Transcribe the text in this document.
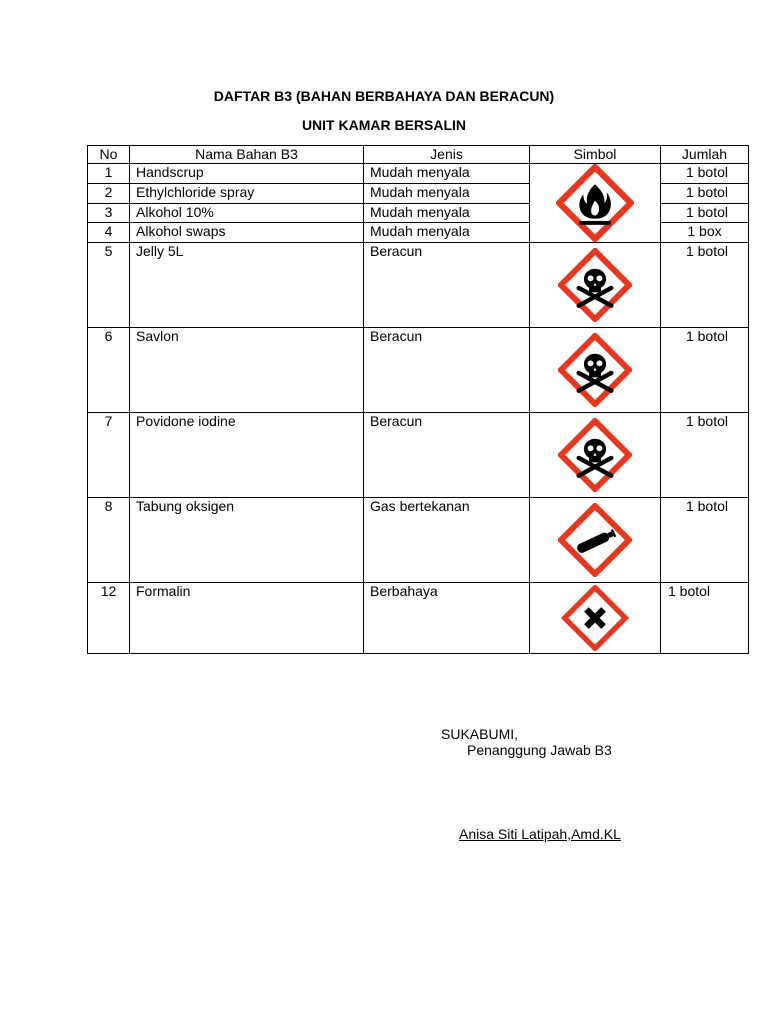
DAFTAR B3 (BAHAN BERBAHAYA DAN BERACUN)
UNIT KAMAR BERSALIN
No	Nama Bahan B3	Jenis	Simbol	Jumlah
1	Handscrup	Mudah menyala		1 botol
2	Ethylchloride spray	Mudah menyala		1 botol
3	Alkohol 10%	Mudah menyala		1 botol
4	Alkohol swaps	Mudah menyala		1 box
5	Jelly 5L	Beracun		1 botol
6	Savlon	Beracun		1 botol
7	Povidone iodine	Beracun		1 botol
8	Tabung oksigen	Gas bertekanan		1 botol
12	Formalin	Berbahaya		1 botol
SUKABUMI,
Penanggung Jawab B3
Anisa Siti Latipah,Amd.KL
